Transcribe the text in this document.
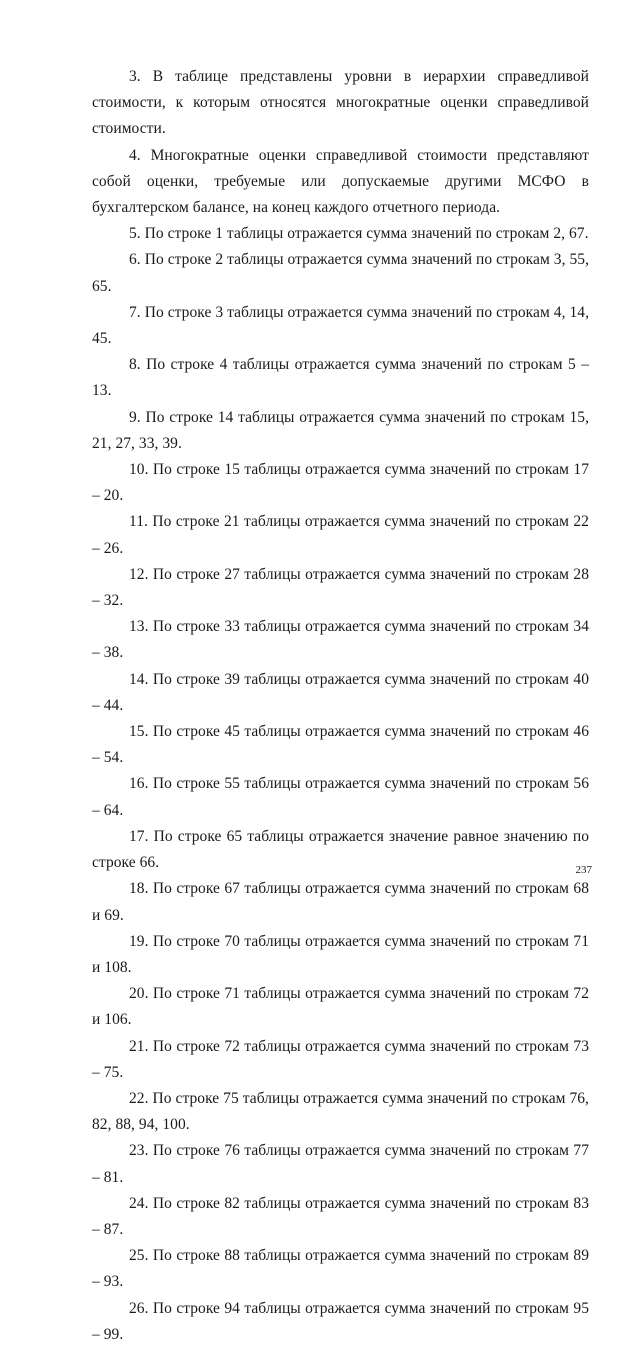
3. В таблице представлены уровни в иерархии справедливой стоимости, к которым относятся многократные оценки справедливой стоимости.

4. Многократные оценки справедливой стоимости представляют собой оценки, требуемые или допускаемые другими МСФО в бухгалтерском балансе, на конец каждого отчетного периода.

5. По строке 1 таблицы отражается сумма значений по строкам 2, 67.

6. По строке 2 таблицы отражается сумма значений по строкам 3, 55, 65.

7. По строке 3 таблицы отражается сумма значений по строкам 4, 14, 45.

8. По строке 4 таблицы отражается сумма значений по строкам 5 – 13.

9. По строке 14 таблицы отражается сумма значений по строкам 15, 21, 27, 33, 39.

10. По строке 15 таблицы отражается сумма значений по строкам 17 – 20.

11. По строке 21 таблицы отражается сумма значений по строкам 22 – 26.

12. По строке 27 таблицы отражается сумма значений по строкам 28 – 32.

13. По строке 33 таблицы отражается сумма значений по строкам 34 – 38.

14. По строке 39 таблицы отражается сумма значений по строкам 40 – 44.

15. По строке 45 таблицы отражается сумма значений по строкам 46 – 54.

16. По строке 55 таблицы отражается сумма значений по строкам 56 – 64.

17. По строке 65 таблицы отражается значение равное значению по строке 66.

18. По строке 67 таблицы отражается сумма значений по строкам 68 и 69.

19. По строке 70 таблицы отражается сумма значений по строкам 71 и 108.

20. По строке 71 таблицы отражается сумма значений по строкам 72 и 106.

21. По строке 72 таблицы отражается сумма значений по строкам 73 – 75.

22. По строке 75 таблицы отражается сумма значений по строкам 76, 82, 88, 94, 100.

23. По строке 76 таблицы отражается сумма значений по строкам 77 – 81.

24. По строке 82 таблицы отражается сумма значений по строкам 83 – 87.

25. По строке 88 таблицы отражается сумма значений по строкам 89 – 93.

26. По строке 94 таблицы отражается сумма значений по строкам 95 – 99.

237
